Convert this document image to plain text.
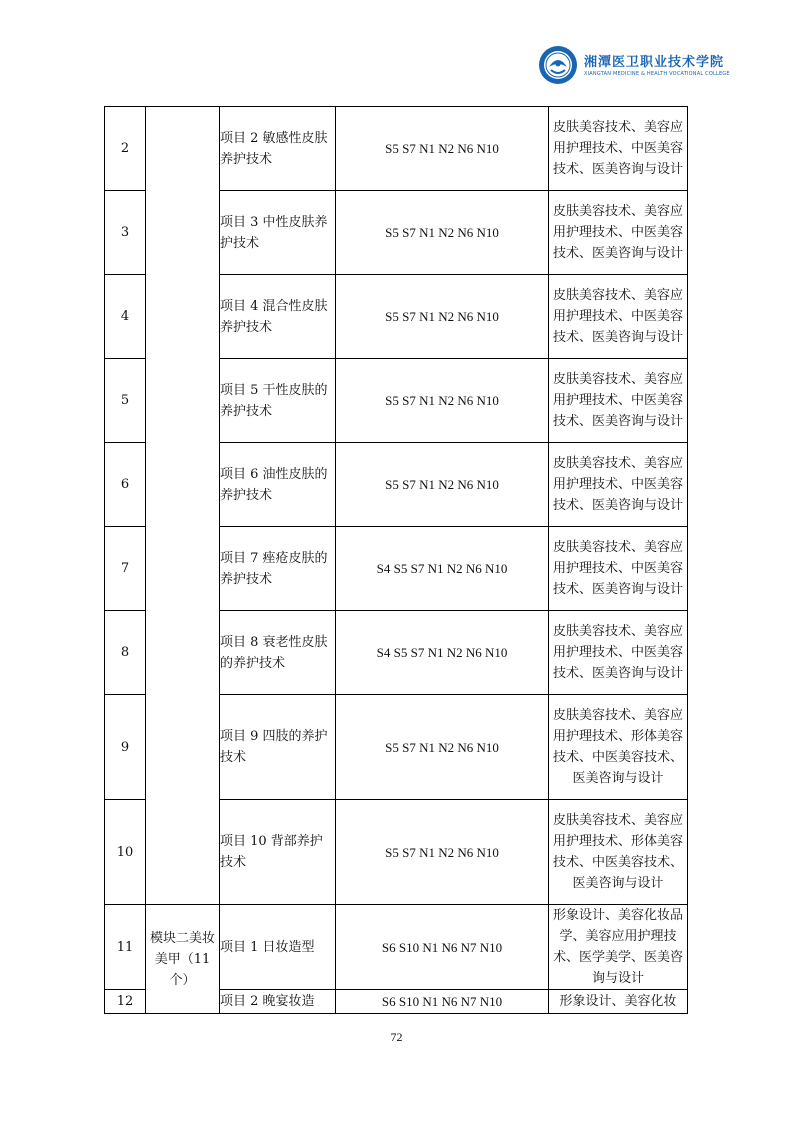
湘潭医卫职业技术学院
XIANGTAN MEDICINE & HEALTH VOCATIONAL COLLEGE
2		项目 2 敏感性皮肤养护技术	S5 S7 N1 N2 N6 N10	皮肤美容技术、美容应用护理技术、中医美容技术、医美咨询与设计
3		项目 3 中性皮肤养护技术	S5 S7 N1 N2 N6 N10	皮肤美容技术、美容应用护理技术、中医美容技术、医美咨询与设计
4		项目 4 混合性皮肤养护技术	S5 S7 N1 N2 N6 N10	皮肤美容技术、美容应用护理技术、中医美容技术、医美咨询与设计
5		项目 5 干性皮肤的养护技术	S5 S7 N1 N2 N6 N10	皮肤美容技术、美容应用护理技术、中医美容技术、医美咨询与设计
6		项目 6 油性皮肤的养护技术	S5 S7 N1 N2 N6 N10	皮肤美容技术、美容应用护理技术、中医美容技术、医美咨询与设计
7		项目 7 痤疮皮肤的养护技术	S4 S5 S7 N1 N2 N6 N10	皮肤美容技术、美容应用护理技术、中医美容技术、医美咨询与设计
8		项目 8 衰老性皮肤的养护技术	S4 S5 S7 N1 N2 N6 N10	皮肤美容技术、美容应用护理技术、中医美容技术、医美咨询与设计
9		项目 9 四肢的养护技术	S5 S7 N1 N2 N6 N10	皮肤美容技术、美容应用护理技术、形体美容技术、中医美容技术、医美咨询与设计
10		项目 10 背部养护技术	S5 S7 N1 N2 N6 N10	皮肤美容技术、美容应用护理技术、形体美容技术、中医美容技术、医美咨询与设计
11	模块二美妆美甲（11 个）	项目 1 日妆造型	S6 S10 N1 N6 N7 N10	形象设计、美容化妆品学、美容应用护理技术、医学美学、医美咨询与设计
12		项目 2 晚宴妆造	S6 S10 N1 N6 N7 N10	形象设计、美容化妆
72
